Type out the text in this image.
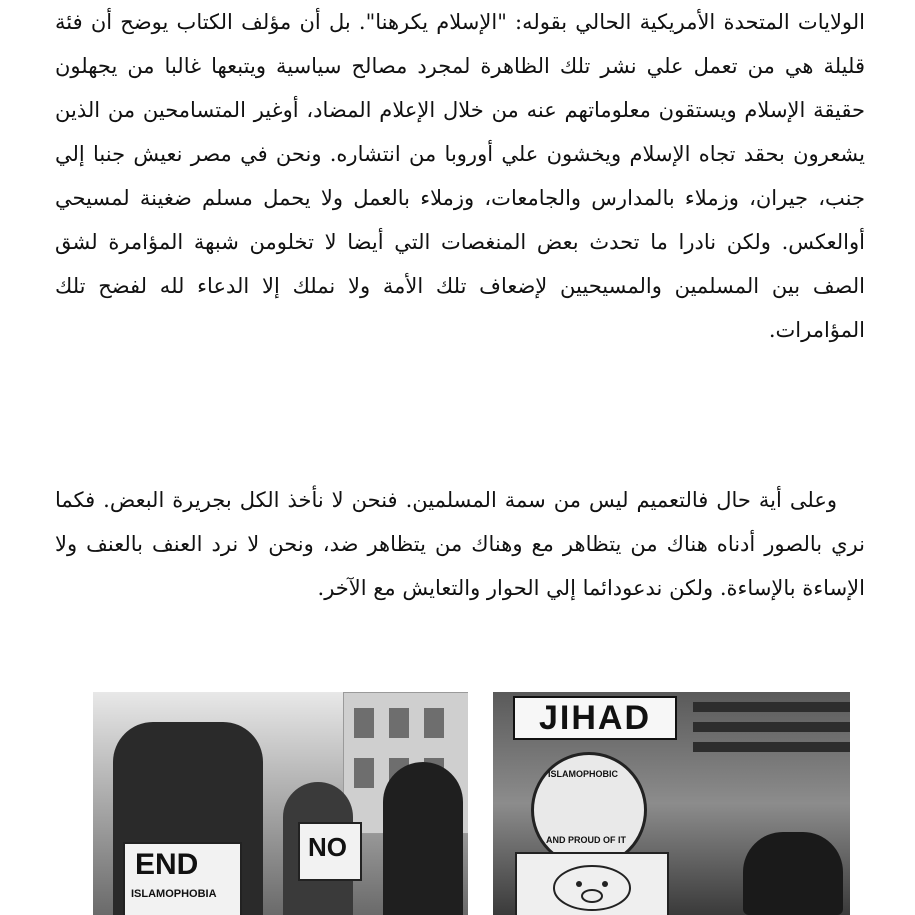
الولايات المتحدة الأمريكية الحالي بقوله: "الإسلام يكرهنا". بل أن مؤلف الكتاب يوضح أن فئة قليلة هي من تعمل علي نشر تلك الظاهرة لمجرد مصالح سياسية ويتبعها غالبا من يجهلون حقيقة الإسلام ويستقون معلوماتهم عنه من خلال الإعلام المضاد، أوغير المتسامحين من الذين يشعرون بحقد تجاه الإسلام ويخشون علي أوروبا من انتشاره. ونحن في مصر نعيش جنبا إلي جنب، جيران، وزملاء بالمدارس والجامعات، وزملاء بالعمل ولا يحمل مسلم ضغينة لمسيحي أوالعكس. ولكن نادرا ما تحدث بعض المنغصات التي أيضا لا تخلومن شبهة المؤامرة لشق الصف بين المسلمين والمسيحيين لإضعاف تلك الأمة ولا نملك إلا الدعاء لله لفضح تلك المؤامرات.
وعلى أية حال فالتعميم ليس من سمة المسلمين. فنحن لا نأخذ الكل بجريرة البعض. فكما نري بالصور أدناه هناك من يتظاهر مع وهناك من يتظاهر ضد، ونحن لا نرد العنف بالعنف ولا الإساءة بالإساءة. ولكن ندعودائما إلي الحوار والتعايش مع الآخر.
END
ISLAMOPHOBIA
NO
JIHAD
ISLAMOPHOBIC
AND PROUD OF IT
